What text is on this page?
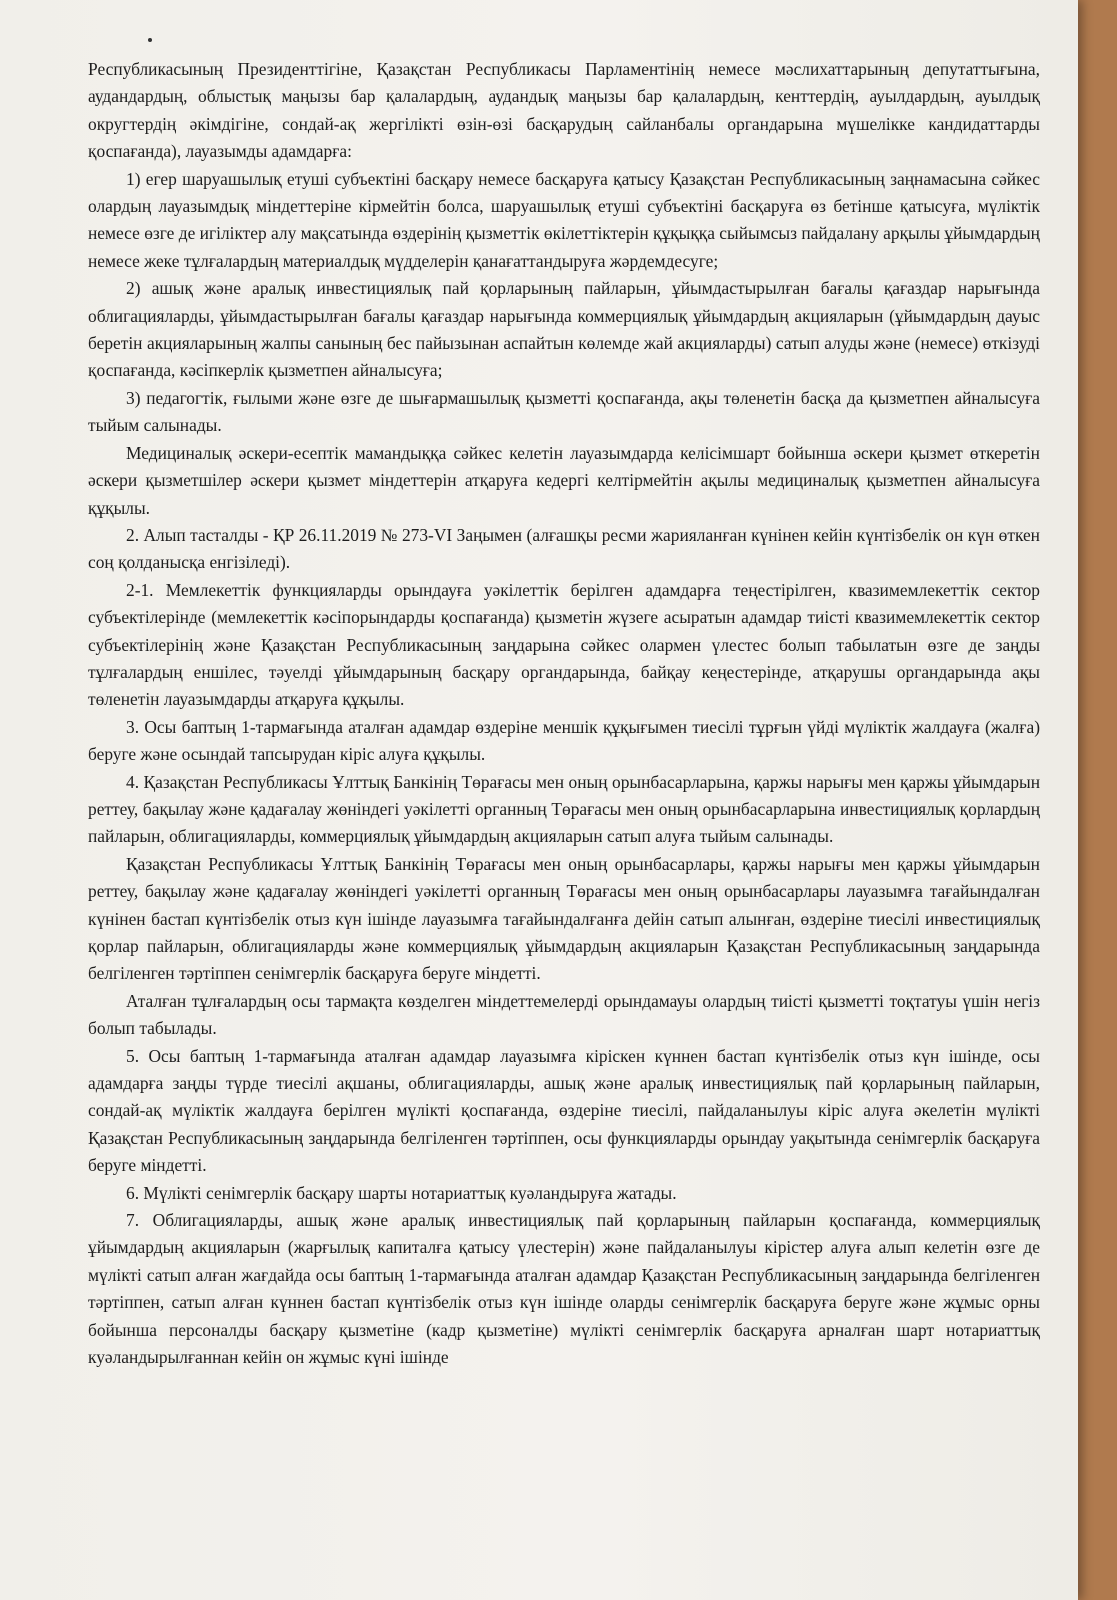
Республикасының Президенттігіне, Қазақстан Республикасы Парламентінің немесе мәслихаттарының депутаттығына, аудандардың, облыстық маңызы бар қалалардың, аудандық маңызы бар қалалардың, кенттердің, ауылдардың, ауылдық округтердің әкімдігіне, сондай-ақ жергілікті өзін-өзі басқарудың сайланбалы органдарына мүшелікке кандидаттарды қоспағанда), лауазымды адамдарға:

1) егер шаруашылық етуші субъектіні басқару немесе басқаруға қатысу Қазақстан Республикасының заңнамасына сәйкес олардың лауазымдық міндеттеріне кірмейтін болса, шаруашылық етуші субъектіні басқаруға өз бетінше қатысуға, мүліктік немесе өзге де игіліктер алу мақсатында өздерінің қызметтік өкілеттіктерін құқыққа сыйымсыз пайдалану арқылы ұйымдардың немесе жеке тұлғалардың материалдық мүдделерін қанағаттандыруға жәрдемдесуге;

2) ашық және аралық инвестициялық пай қорларының пайларын, ұйымдастырылған бағалы қағаздар нарығында облигацияларды, ұйымдастырылған бағалы қағаздар нарығында коммерциялық ұйымдардың акцияларын (ұйымдардың дауыс беретін акцияларының жалпы санының бес пайызынан аспайтын көлемде жай акцияларды) сатып алуды және (немесе) өткізуді қоспағанда, кәсіпкерлік қызметпен айналысуға;

3) педагогтік, ғылыми және өзге де шығармашылық қызметті қоспағанда, ақы төленетін басқа да қызметпен айналысуға тыйым салынады.

Медициналық әскери-есептік мамандыққа сәйкес келетін лауазымдарда келісімшарт бойынша әскери қызмет өткеретін әскери қызметшілер әскери қызмет міндеттерін атқаруға кедергі келтірмейтін ақылы медициналық қызметпен айналысуға құқылы.

2. Алып тасталды - ҚР 26.11.2019 № 273-VI Заңымен (алғашқы ресми жарияланған күнінен кейін күнтізбелік он күн өткен соң қолданысқа енгізіледі).

2-1. Мемлекеттік функцияларды орындауға уәкілеттік берілген адамдарға теңестірілген, квазимемлекеттік сектор субъектілерінде (мемлекеттік кәсіпорындарды қоспағанда) қызметін жүзеге асыратын адамдар тиісті квазимемлекеттік сектор субъектілерінің және Қазақстан Республикасының заңдарына сәйкес олармен үлестес болып табылатын өзге де заңды тұлғалардың еншілес, тәуелді ұйымдарының басқару органдарында, байқау кеңестерінде, атқарушы органдарында ақы төленетін лауазымдарды атқаруға құқылы.

3. Осы баптың 1-тармағында аталған адамдар өздеріне меншік құқығымен тиесілі тұрғын үйді мүліктік жалдауға (жалға) беруге және осындай тапсырудан кіріс алуға құқылы.

4. Қазақстан Республикасы Ұлттық Банкінің Төрағасы мен оның орынбасарларына, қаржы нарығы мен қаржы ұйымдарын реттеу, бақылау және қадағалау жөніндегі уәкілетті органның Төрағасы мен оның орынбасарларына инвестициялық қорлардың пайларын, облигацияларды, коммерциялық ұйымдардың акцияларын сатып алуға тыйым салынады.

Қазақстан Республикасы Ұлттық Банкінің Төрағасы мен оның орынбасарлары, қаржы нарығы мен қаржы ұйымдарын реттеу, бақылау және қадағалау жөніндегі уәкілетті органның Төрағасы мен оның орынбасарлары лауазымға тағайындалған күнінен бастап күнтізбелік отыз күн ішінде лауазымға тағайындалғанға дейін сатып алынған, өздеріне тиесілі инвестициялық қорлар пайларын, облигацияларды және коммерциялық ұйымдардың акцияларын Қазақстан Республикасының заңдарында белгіленген тәртіппен сенімгерлік басқаруға беруге міндетті.

Аталған тұлғалардың осы тармақта көзделген міндеттемелерді орындамауы олардың тиісті қызметті тоқтатуы үшін негіз болып табылады.

5. Осы баптың 1-тармағында аталған адамдар лауазымға кірiскен күннен бастап күнтізбелік отыз күн ішінде, осы адамдарға заңды түрде тиесілі ақшаны, облигацияларды, ашық және аралық инвестициялық пай қорларының пайларын, сондай-ақ мүліктік жалдауға берілген мүлікті қоспағанда, өздеріне тиесілі, пайдаланылуы кіріс алуға әкелетін мүлікті Қазақстан Республикасының заңдарында белгіленген тәртіппен, осы функцияларды орындау уақытында сенімгерлік басқаруға беруге міндетті.

6. Мүлікті сенімгерлік басқару шарты нотариаттық куәландыруға жатады.

7. Облигацияларды, ашық және аралық инвестициялық пай қорларының пайларын қоспағанда, коммерциялық ұйымдардың акцияларын (жарғылық капиталға қатысу үлестерін) және пайдаланылуы кірістер алуға алып келетін өзге де мүлікті сатып алған жағдайда осы баптың 1-тармағында аталған адамдар Қазақстан Республикасының заңдарында белгіленген тәртіппен, сатып алған күннен бастап күнтізбелік отыз күн ішінде оларды сенімгерлік басқаруға беруге және жұмыс орны бойынша персоналды басқару қызметіне (кадр қызметіне) мүлікті сенімгерлік басқаруға арналған шарт нотариаттық куәландырылғаннан кейін он жұмыс күні ішінде
